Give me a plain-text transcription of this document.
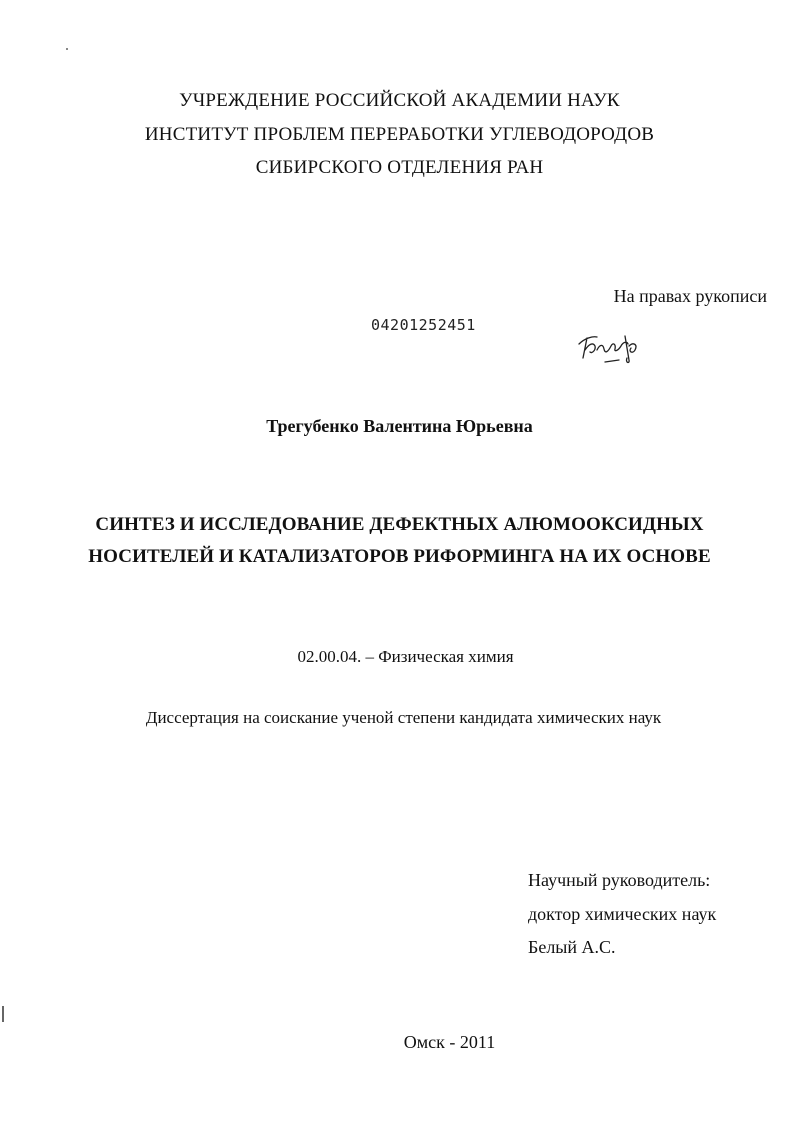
УЧРЕЖДЕНИЕ РОССИЙСКОЙ АКАДЕМИИ НАУК
ИНСТИТУТ ПРОБЛЕМ ПЕРЕРАБОТКИ УГЛЕВОДОРОДОВ
СИБИРСКОГО ОТДЕЛЕНИЯ РАН
На правах рукописи
04201252451
Трегубенко Валентина Юрьевна
СИНТЕЗ И ИССЛЕДОВАНИЕ ДЕФЕКТНЫХ АЛЮМООКСИДНЫХ
НОСИТЕЛЕЙ И КАТАЛИЗАТОРОВ РИФОРМИНГА НА ИХ ОСНОВЕ
02.00.04. – Физическая химия
Диссертация на соискание ученой степени кандидата химических наук
Научный руководитель:
доктор химических наук
Белый А.С.
Омск - 2011
